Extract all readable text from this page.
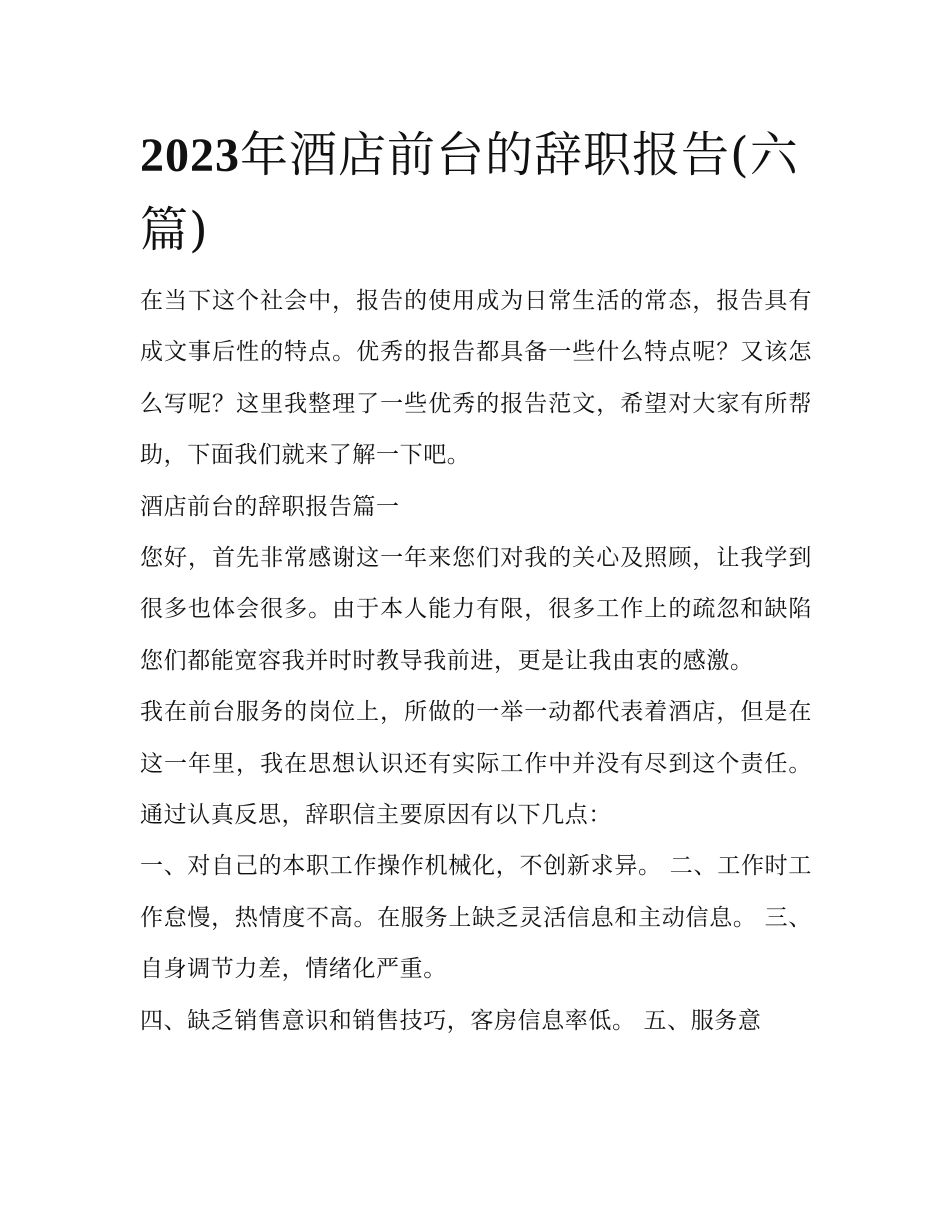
2023年酒店前台的辞职报告(六篇)

在当下这个社会中，报告的使用成为日常生活的常态，报告具有成文事后性的特点。优秀的报告都具备一些什么特点呢？又该怎么写呢？这里我整理了一些优秀的报告范文，希望对大家有所帮助，下面我们就来了解一下吧。

酒店前台的辞职报告篇一

您好，首先非常感谢这一年来您们对我的关心及照顾，让我学到很多也体会很多。由于本人能力有限，很多工作上的疏忽和缺陷您们都能宽容我并时时教导我前进，更是让我由衷的感激。

我在前台服务的岗位上，所做的一举一动都代表着酒店，但是在这一年里，我在思想认识还有实际工作中并没有尽到这个责任。通过认真反思，辞职信主要原因有以下几点：

一、对自己的本职工作操作机械化，不创新求异。 二、工作时工作怠慢，热情度不高。在服务上缺乏灵活信息和主动信息。 三、自身调节力差，情绪化严重。

四、缺乏销售意识和销售技巧，客房信息率低。 五、服务意
